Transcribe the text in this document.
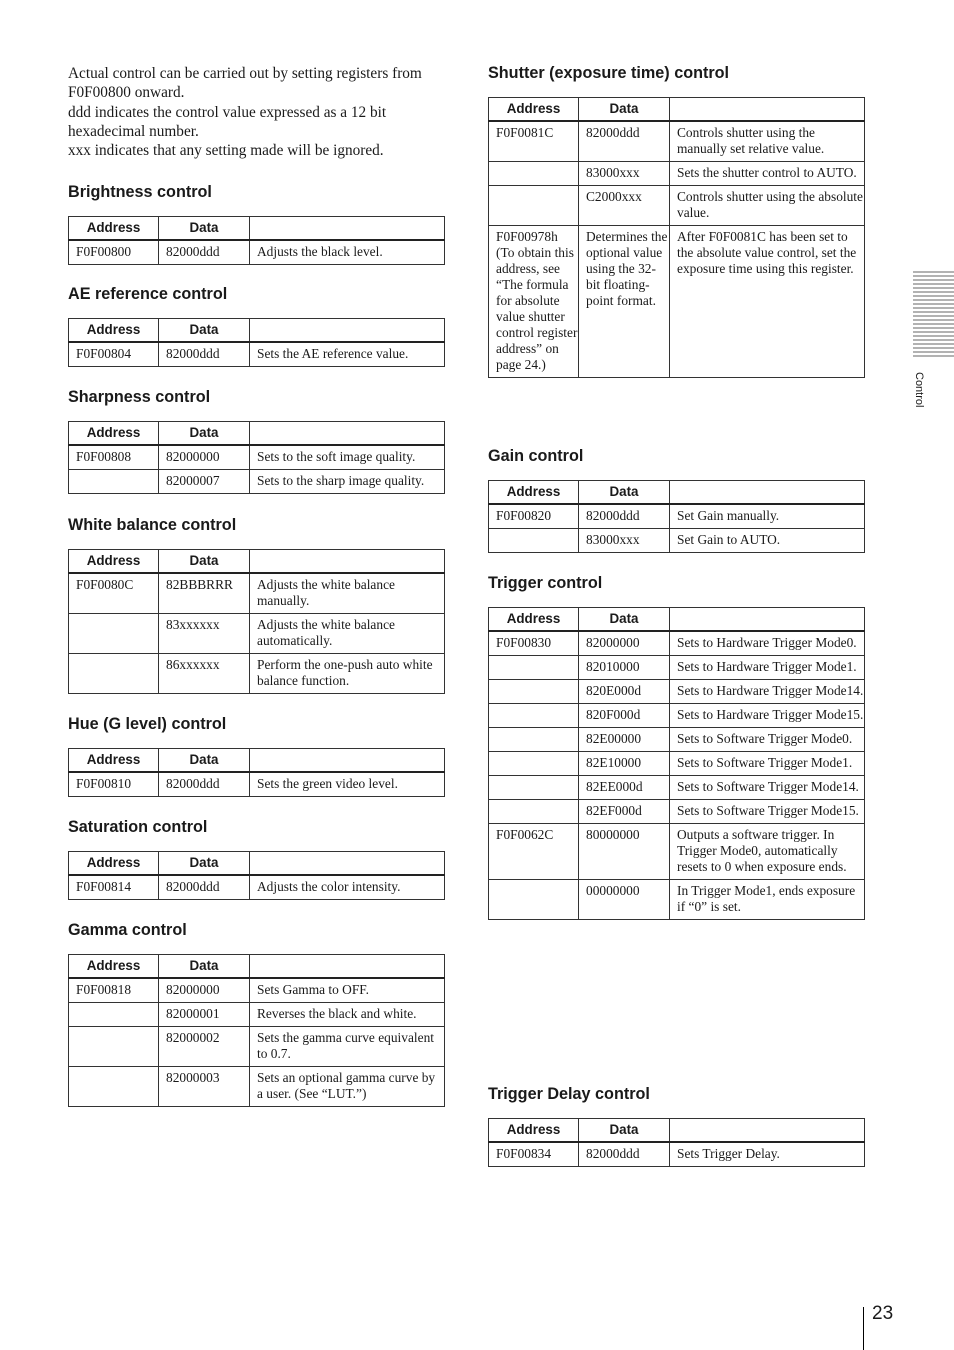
Actual control can be carried out by setting registers from F0F00800 onward.

ddd indicates the control value expressed as a 12 bit hexadecimal number.

xxx indicates that any setting made will be ignored.

Brightness control
Address	Data	
F0F00800	82000ddd	Adjusts the black level.
AE reference control
Address	Data	
F0F00804	82000ddd	Sets the AE reference value.
Sharpness control
Address	Data	
F0F00808	82000000	Sets to the soft image quality.
	82000007	Sets to the sharp image quality.
White balance control
Address	Data	
F0F0080C	82BBBRRR	Adjusts the white balance manually.
	83xxxxxx	Adjusts the white balance automatically.
	86xxxxxx	Perform the one-push auto white balance function.
Hue (G level) control
Address	Data	
F0F00810	82000ddd	Sets the green video level.
Saturation control
Address	Data	
F0F00814	82000ddd	Adjusts the color intensity.
Gamma control
Address	Data	
F0F00818	82000000	Sets Gamma to OFF.
	82000001	Reverses the black and white.
	82000002	Sets the gamma curve equivalent to 0.7.
	82000003	Sets an optional gamma curve by a user. (See “LUT.”)
Shutter (exposure time) control
Address	Data	
F0F0081C	82000ddd	Controls shutter using the manually set relative value.
	83000xxx	Sets the shutter control to AUTO.
	C2000xxx	Controls shutter using the absolute value.
F0F00978h (To obtain this address, see “The formula for absolute value shutter control register address” on page 24.)	Determines the optional value using the 32-bit floating-point format.	After F0F0081C has been set to the absolute value control, set the exposure time using this register.
Gain control
Address	Data	
F0F00820	82000ddd	Set Gain manually.
	83000xxx	Set Gain to AUTO.
Trigger control
Address	Data	
F0F00830	82000000	Sets to Hardware Trigger Mode0.
	82010000	Sets to Hardware Trigger Mode1.
	820E000d	Sets to Hardware Trigger Mode14.
	820F000d	Sets to Hardware Trigger Mode15.
	82E00000	Sets to Software Trigger Mode0.
	82E10000	Sets to Software Trigger Mode1.
	82EE000d	Sets to Software Trigger Mode14.
	82EF000d	Sets to Software Trigger Mode15.
F0F0062C	80000000	Outputs a software trigger. In Trigger Mode0, automatically resets to 0 when exposure ends.
	00000000	In Trigger Mode1, ends exposure if “0” is set.
Trigger Delay control
Address	Data	
F0F00834	82000ddd	Sets Trigger Delay.
Control
23
